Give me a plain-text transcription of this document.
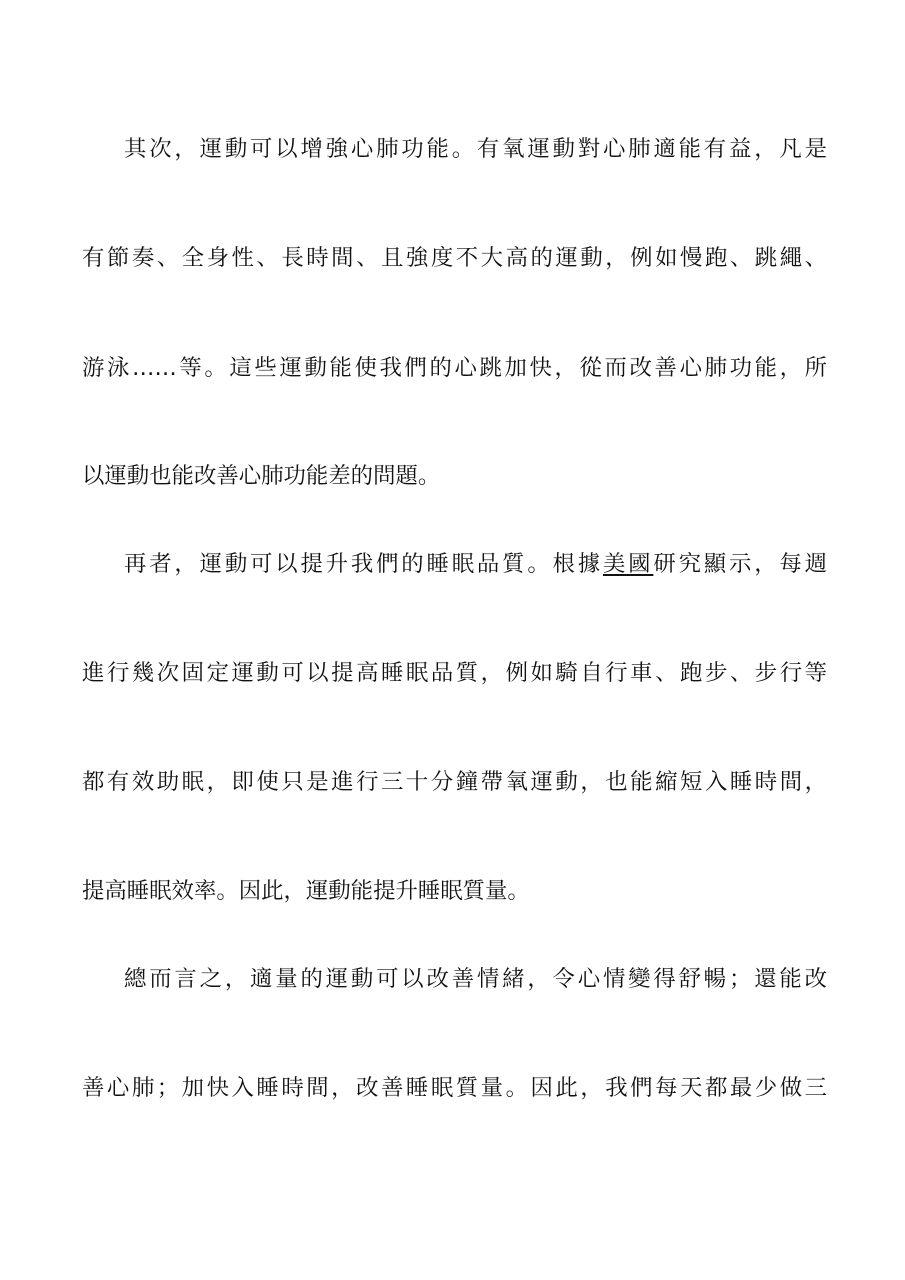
其次，運動可以增強心肺功能。有氧運動對心肺適能有益，凡是
有節奏、全身性、長時間、且強度不大高的運動，例如慢跑、跳繩、
游泳……等。這些運動能使我們的心跳加快，從而改善心肺功能，所
以運動也能改善心肺功能差的問題。
再者，運動可以提升我們的睡眠品質。根據美國研究顯示，每週
進行幾次固定運動可以提高睡眠品質，例如騎自行車、跑步、步行等
都有效助眠，即使只是進行三十分鐘帶氧運動，也能縮短入睡時間，
提高睡眠效率。因此，運動能提升睡眠質量。
總而言之，適量的運動可以改善情緒，令心情變得舒暢；還能改
善心肺；加快入睡時間，改善睡眠質量。因此，我們每天都最少做三
